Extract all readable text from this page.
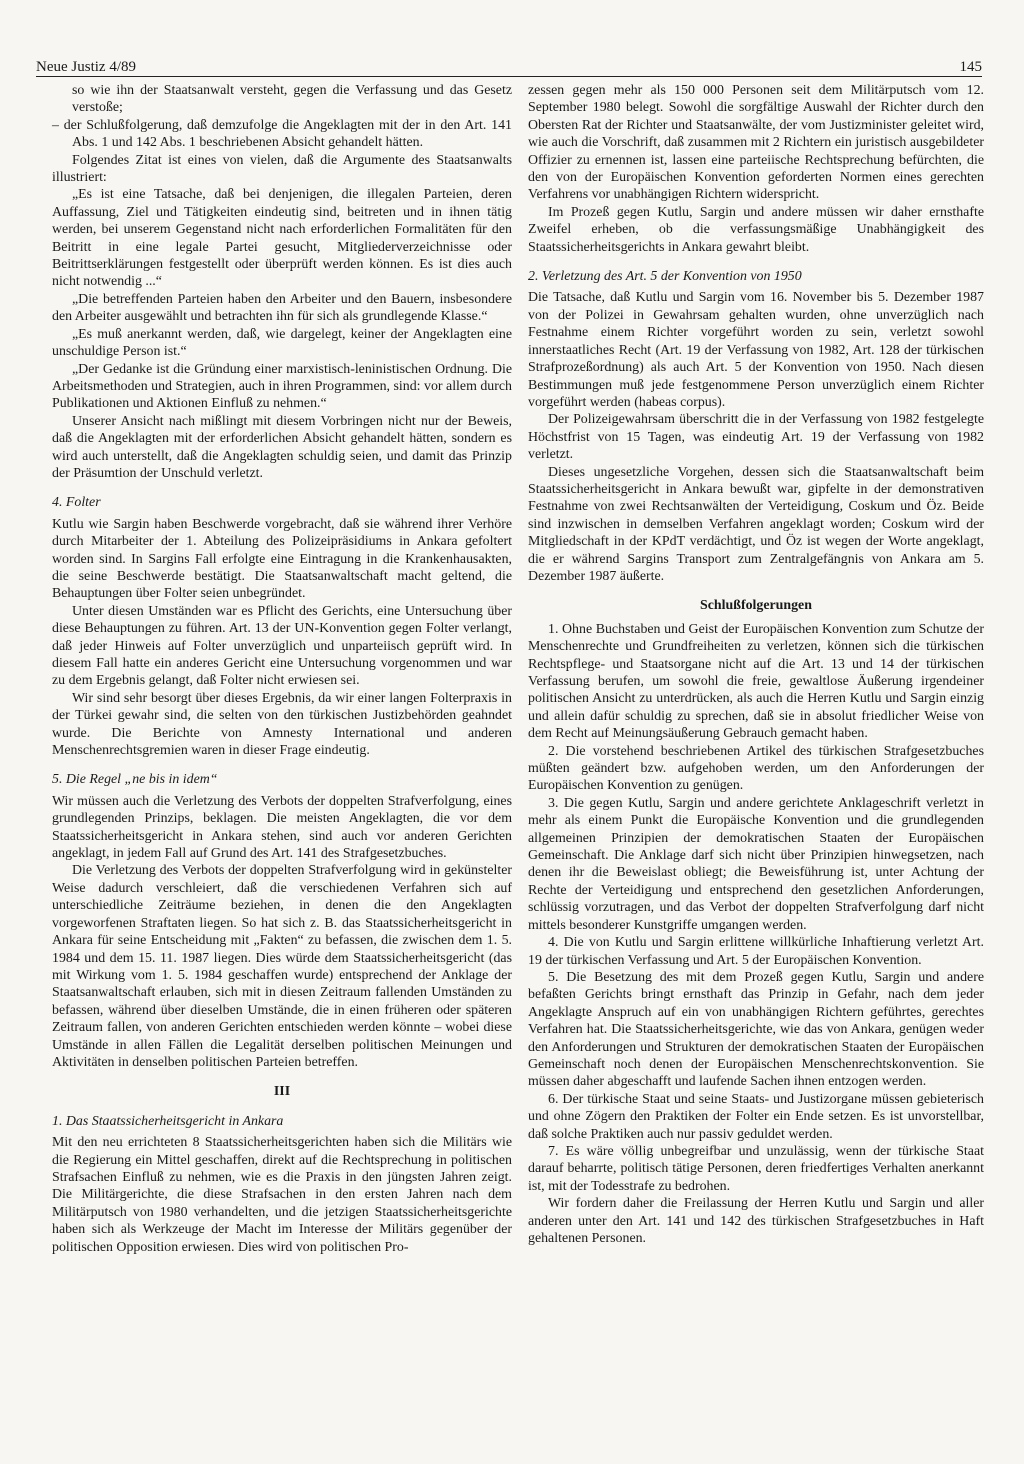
Neue Justiz 4/89	145

so wie ihn der Staatsanwalt versteht, gegen die Verfassung und das Gesetz verstoße;

– der Schlußfolgerung, daß demzufolge die Angeklagten mit der in den Art. 141 Abs. 1 und 142 Abs. 1 beschriebenen Absicht gehandelt hätten.

Folgendes Zitat ist eines von vielen, daß die Argumente des Staatsanwalts illustriert:

„Es ist eine Tatsache, daß bei denjenigen, die illegalen Parteien, deren Auffassung, Ziel und Tätigkeiten eindeutig sind, beitreten und in ihnen tätig werden, bei unserem Gegenstand nicht nach erforderlichen Formalitäten für den Beitritt in eine legale Partei gesucht, Mitgliederverzeichnisse oder Beitrittserklärungen festgestellt oder überprüft werden können. Es ist dies auch nicht notwendig ...“

„Die betreffenden Parteien haben den Arbeiter und den Bauern, insbesondere den Arbeiter ausgewählt und betrachten ihn für sich als grundlegende Klasse.“

„Es muß anerkannt werden, daß, wie dargelegt, keiner der Angeklagten eine unschuldige Person ist.“

„Der Gedanke ist die Gründung einer marxistisch-leninistischen Ordnung. Die Arbeitsmethoden und Strategien, auch in ihren Programmen, sind: vor allem durch Publikationen und Aktionen Einfluß zu nehmen.“

Unserer Ansicht nach mißlingt mit diesem Vorbringen nicht nur der Beweis, daß die Angeklagten mit der erforderlichen Absicht gehandelt hätten, sondern es wird auch unterstellt, daß die Angeklagten schuldig seien, und damit das Prinzip der Präsumtion der Unschuld verletzt.

4. Folter

Kutlu wie Sargin haben Beschwerde vorgebracht, daß sie während ihrer Verhöre durch Mitarbeiter der 1. Abteilung des Polizeipräsidiums in Ankara gefoltert worden sind. In Sargins Fall erfolgte eine Eintragung in die Krankenhausakten, die seine Beschwerde bestätigt. Die Staatsanwaltschaft macht geltend, die Behauptungen über Folter seien unbegründet.

Unter diesen Umständen war es Pflicht des Gerichts, eine Untersuchung über diese Behauptungen zu führen. Art. 13 der UN-Konvention gegen Folter verlangt, daß jeder Hinweis auf Folter unverzüglich und unparteiisch geprüft wird. In diesem Fall hatte ein anderes Gericht eine Untersuchung vorgenommen und war zu dem Ergebnis gelangt, daß Folter nicht erwiesen sei.

Wir sind sehr besorgt über dieses Ergebnis, da wir einer langen Folterpraxis in der Türkei gewahr sind, die selten von den türkischen Justizbehörden geahndet wurde. Die Berichte von Amnesty International und anderen Menschenrechtsgremien waren in dieser Frage eindeutig.

5. Die Regel „ne bis in idem“

Wir müssen auch die Verletzung des Verbots der doppelten Strafverfolgung, eines grundlegenden Prinzips, beklagen. Die meisten Angeklagten, die vor dem Staatssicherheitsgericht in Ankara stehen, sind auch vor anderen Gerichten angeklagt, in jedem Fall auf Grund des Art. 141 des Strafgesetzbuches.

Die Verletzung des Verbots der doppelten Strafverfolgung wird in gekünstelter Weise dadurch verschleiert, daß die verschiedenen Verfahren sich auf unterschiedliche Zeiträume beziehen, in denen die den Angeklagten vorgeworfenen Straftaten liegen. So hat sich z. B. das Staatssicherheitsgericht in Ankara für seine Entscheidung mit „Fakten“ zu befassen, die zwischen dem 1. 5. 1984 und dem 15. 11. 1987 liegen. Dies würde dem Staatssicherheitsgericht (das mit Wirkung vom 1. 5. 1984 geschaffen wurde) entsprechend der Anklage der Staatsanwaltschaft erlauben, sich mit in diesen Zeitraum fallenden Umständen zu befassen, während über dieselben Umstände, die in einen früheren oder späteren Zeitraum fallen, von anderen Gerichten entschieden werden könnte – wobei diese Umstände in allen Fällen die Legalität derselben politischen Meinungen und Aktivitäten in denselben politischen Parteien betreffen.

III

1. Das Staatssicherheitsgericht in Ankara

Mit den neu errichteten 8 Staatssicherheitsgerichten haben sich die Militärs wie die Regierung ein Mittel geschaffen, direkt auf die Rechtsprechung in politischen Strafsachen Einfluß zu nehmen, wie es die Praxis in den jüngsten Jahren zeigt. Die Militärgerichte, die diese Strafsachen in den ersten Jahren nach dem Militärputsch von 1980 verhandelten, und die jetzigen Staatssicherheitsgerichte haben sich als Werkzeuge der Macht im Interesse der Militärs gegenüber der politischen Opposition erwiesen. Dies wird von politischen Pro-

zessen gegen mehr als 150 000 Personen seit dem Militärputsch vom 12. September 1980 belegt. Sowohl die sorgfältige Auswahl der Richter durch den Obersten Rat der Richter und Staatsanwälte, der vom Justizminister geleitet wird, wie auch die Vorschrift, daß zusammen mit 2 Richtern ein juristisch ausgebildeter Offizier zu ernennen ist, lassen eine parteiische Rechtsprechung befürchten, die den von der Europäischen Konvention geforderten Normen eines gerechten Verfahrens vor unabhängigen Richtern widerspricht.

Im Prozeß gegen Kutlu, Sargin und andere müssen wir daher ernsthafte Zweifel erheben, ob die verfassungsmäßige Unabhängigkeit des Staatssicherheitsgerichts in Ankara gewahrt bleibt.

2. Verletzung des Art. 5 der Konvention von 1950

Die Tatsache, daß Kutlu und Sargin vom 16. November bis 5. Dezember 1987 von der Polizei in Gewahrsam gehalten wurden, ohne unverzüglich nach Festnahme einem Richter vorgeführt worden zu sein, verletzt sowohl innerstaatliches Recht (Art. 19 der Verfassung von 1982, Art. 128 der türkischen Strafprozeßordnung) als auch Art. 5 der Konvention von 1950. Nach diesen Bestimmungen muß jede festgenommene Person unverzüglich einem Richter vorgeführt werden (habeas corpus).

Der Polizeigewahrsam überschritt die in der Verfassung von 1982 festgelegte Höchstfrist von 15 Tagen, was eindeutig Art. 19 der Verfassung von 1982 verletzt.

Dieses ungesetzliche Vorgehen, dessen sich die Staatsanwaltschaft beim Staatssicherheitsgericht in Ankara bewußt war, gipfelte in der demonstrativen Festnahme von zwei Rechtsanwälten der Verteidigung, Coskum und Öz. Beide sind inzwischen in demselben Verfahren angeklagt worden; Coskum wird der Mitgliedschaft in der KPdT verdächtigt, und Öz ist wegen der Worte angeklagt, die er während Sargins Transport zum Zentralgefängnis von Ankara am 5. Dezember 1987 äußerte.

Schlußfolgerungen

1. Ohne Buchstaben und Geist der Europäischen Konvention zum Schutze der Menschenrechte und Grundfreiheiten zu verletzen, können sich die türkischen Rechtspflege- und Staatsorgane nicht auf die Art. 13 und 14 der türkischen Verfassung berufen, um sowohl die freie, gewaltlose Äußerung irgendeiner politischen Ansicht zu unterdrücken, als auch die Herren Kutlu und Sargin einzig und allein dafür schuldig zu sprechen, daß sie in absolut friedlicher Weise von dem Recht auf Meinungsäußerung Gebrauch gemacht haben.

2. Die vorstehend beschriebenen Artikel des türkischen Strafgesetzbuches müßten geändert bzw. aufgehoben werden, um den Anforderungen der Europäischen Konvention zu genügen.

3. Die gegen Kutlu, Sargin und andere gerichtete Anklageschrift verletzt in mehr als einem Punkt die Europäische Konvention und die grundlegenden allgemeinen Prinzipien der demokratischen Staaten der Europäischen Gemeinschaft. Die Anklage darf sich nicht über Prinzipien hinwegsetzen, nach denen ihr die Beweislast obliegt; die Beweisführung ist, unter Achtung der Rechte der Verteidigung und entsprechend den gesetzlichen Anforderungen, schlüssig vorzutragen, und das Verbot der doppelten Strafverfolgung darf nicht mittels besonderer Kunstgriffe umgangen werden.

4. Die von Kutlu und Sargin erlittene willkürliche Inhaftierung verletzt Art. 19 der türkischen Verfassung und Art. 5 der Europäischen Konvention.

5. Die Besetzung des mit dem Prozeß gegen Kutlu, Sargin und andere befaßten Gerichts bringt ernsthaft das Prinzip in Gefahr, nach dem jeder Angeklagte Anspruch auf ein von unabhängigen Richtern geführtes, gerechtes Verfahren hat. Die Staatssicherheitsgerichte, wie das von Ankara, genügen weder den Anforderungen und Strukturen der demokratischen Staaten der Europäischen Gemeinschaft noch denen der Europäischen Menschenrechtskonvention. Sie müssen daher abgeschafft und laufende Sachen ihnen entzogen werden.

6. Der türkische Staat und seine Staats- und Justizorgane müssen gebieterisch und ohne Zögern den Praktiken der Folter ein Ende setzen. Es ist unvorstellbar, daß solche Praktiken auch nur passiv geduldet werden.

7. Es wäre völlig unbegreifbar und unzulässig, wenn der türkische Staat darauf beharrte, politisch tätige Personen, deren friedfertiges Verhalten anerkannt ist, mit der Todesstrafe zu bedrohen.

Wir fordern daher die Freilassung der Herren Kutlu und Sargin und aller anderen unter den Art. 141 und 142 des türkischen Strafgesetzbuches in Haft gehaltenen Personen.
